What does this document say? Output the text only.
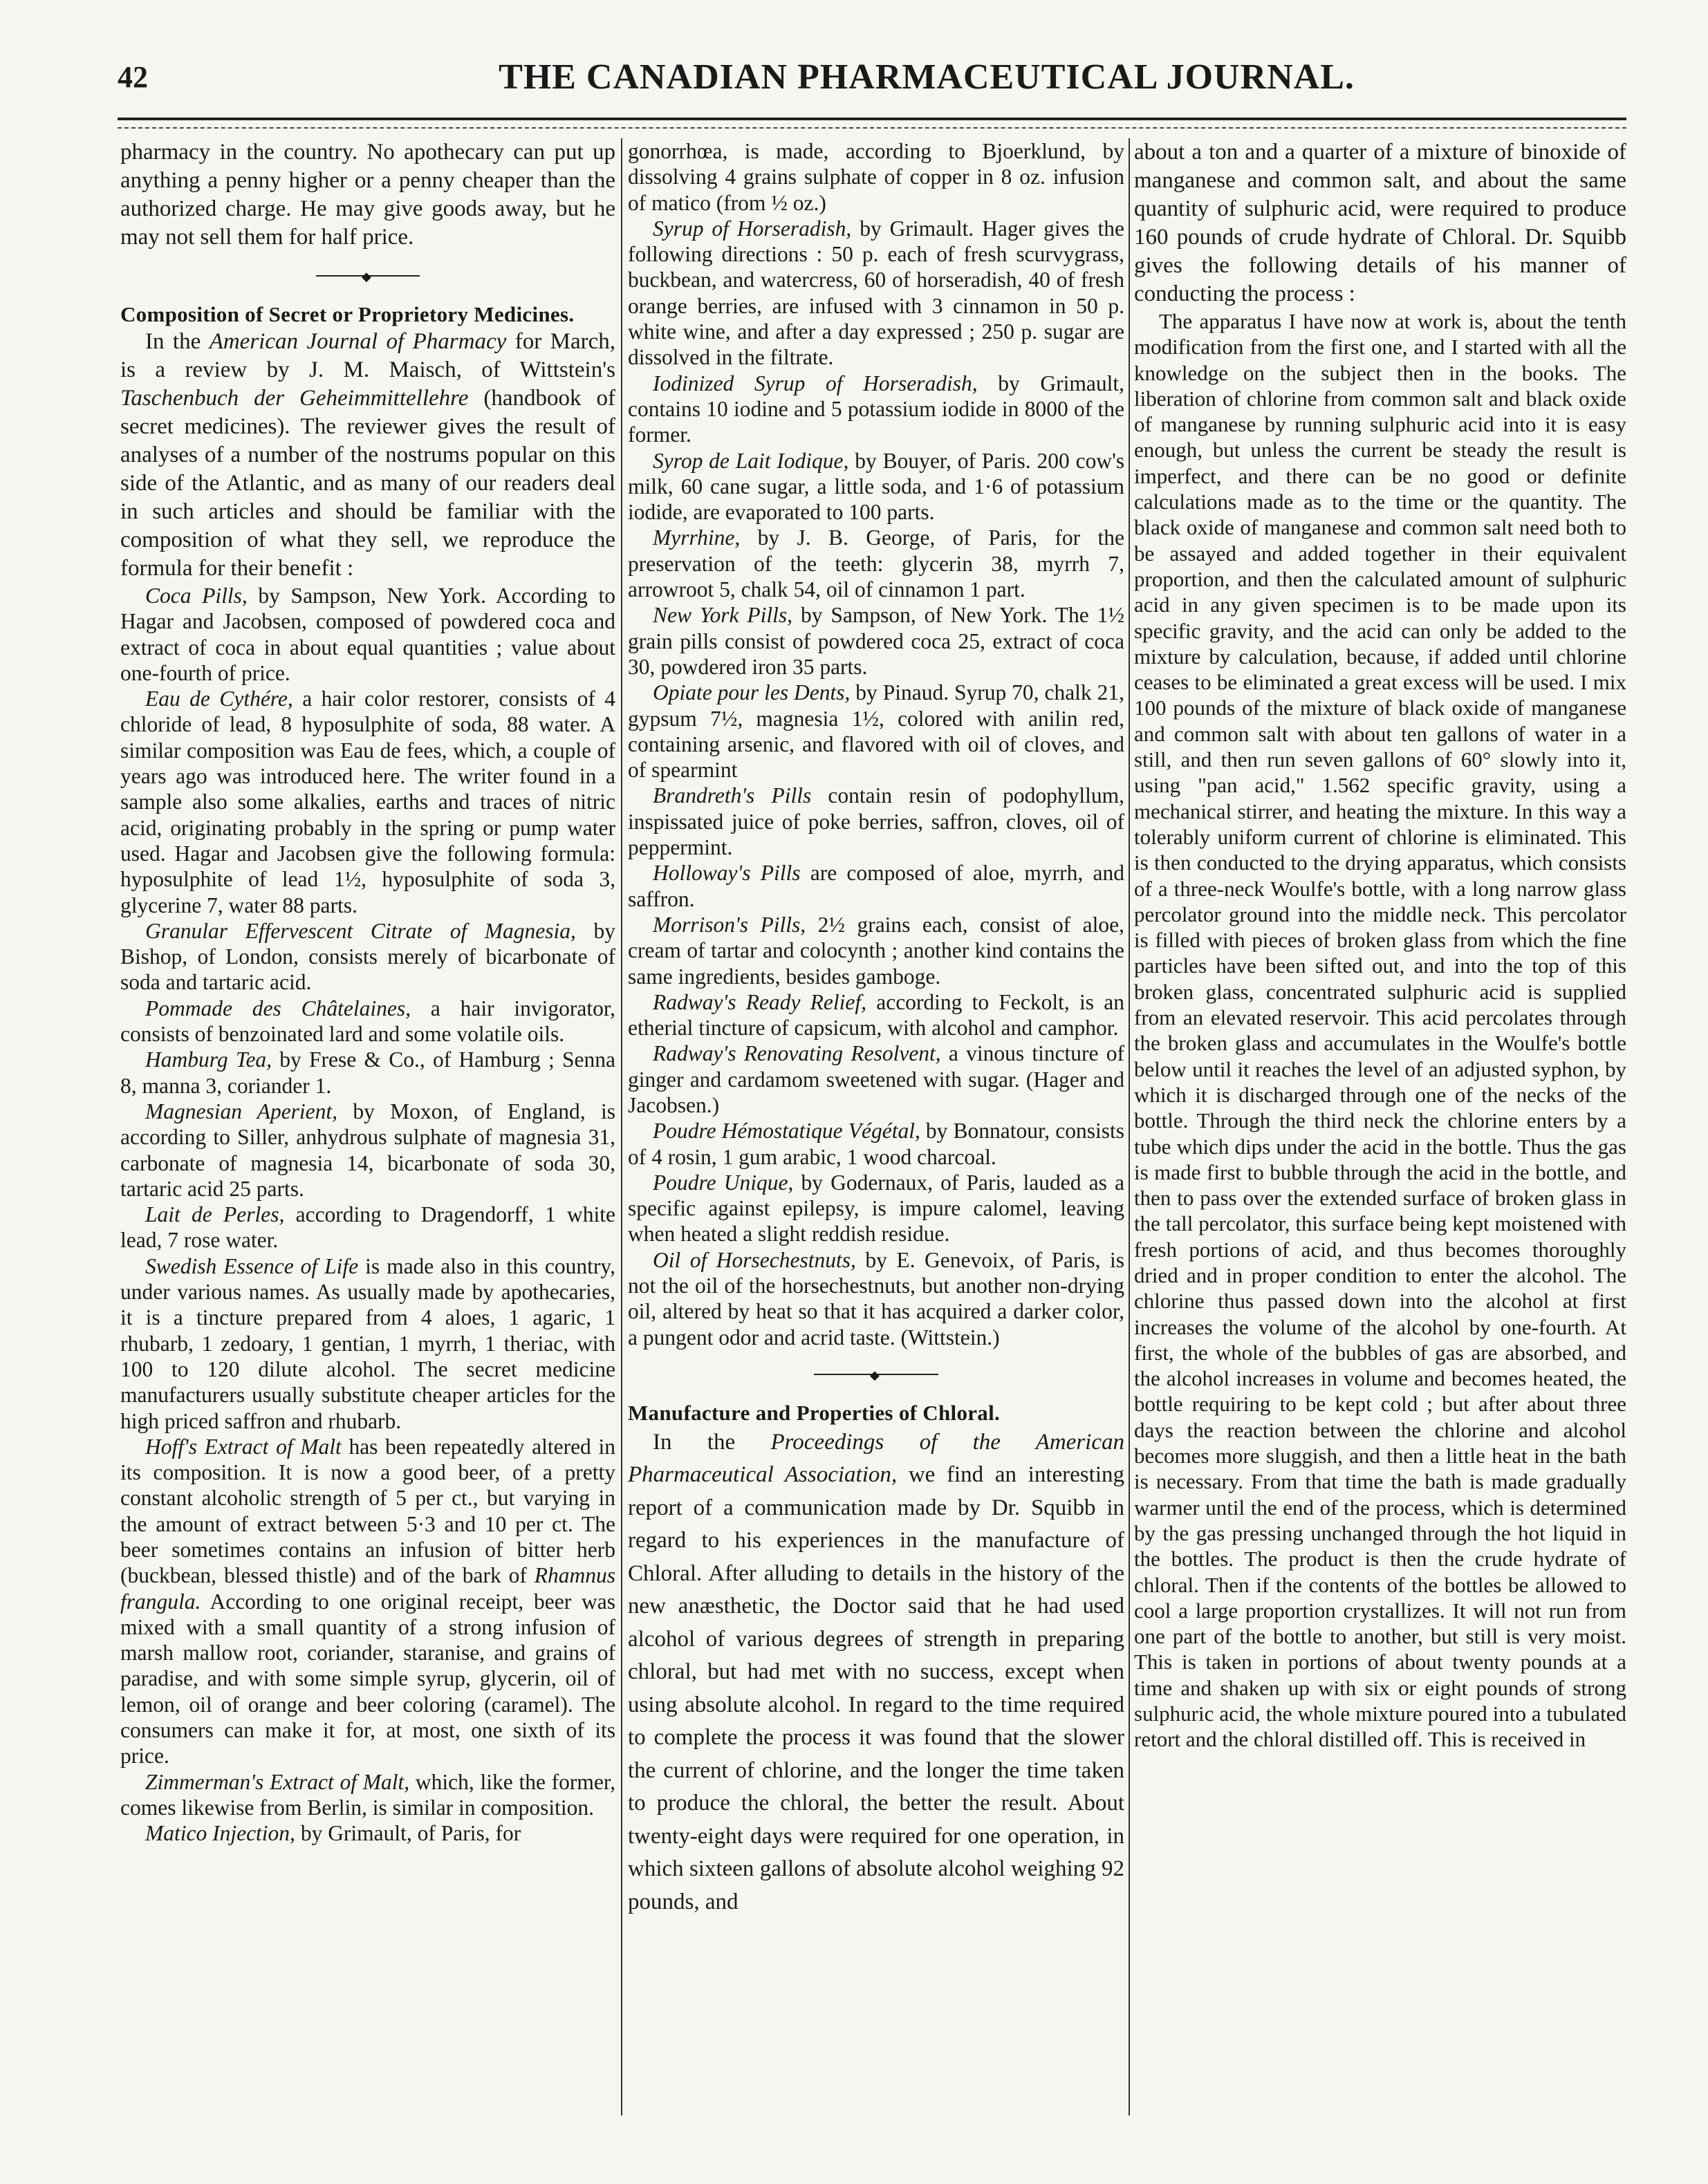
42	THE CANADIAN PHARMACEUTICAL JOURNAL.

pharmacy in the country. No apothecary can put up anything a penny higher or a penny cheaper than the authorized charge. He may give goods away, but he may not sell them for half price.

◆

Composition of Secret or Proprietory Medicines.

In the American Journal of Pharmacy for March, is a review by J. M. Maisch, of Wittstein's Taschenbuch der Geheimmittellehre (handbook of secret medicines). The reviewer gives the result of analyses of a number of the nostrums popular on this side of the Atlantic, and as many of our readers deal in such articles and should be familiar with the composition of what they sell, we reproduce the formula for their benefit :

Coca Pills, by Sampson, New York. According to Hagar and Jacobsen, composed of powdered coca and extract of coca in about equal quantities ; value about one-fourth of price.

Eau de Cythére, a hair color restorer, consists of 4 chloride of lead, 8 hyposulphite of soda, 88 water. A similar composition was Eau de fees, which, a couple of years ago was introduced here. The writer found in a sample also some alkalies, earths and traces of nitric acid, originating probably in the spring or pump water used. Hagar and Jacobsen give the following formula: hyposulphite of lead 1½, hyposulphite of soda 3, glycerine 7, water 88 parts.

Granular Effervescent Citrate of Magnesia, by Bishop, of London, consists merely of bicarbonate of soda and tartaric acid.

Pommade des Châtelaines, a hair invigorator, consists of benzoinated lard and some volatile oils.

Hamburg Tea, by Frese & Co., of Hamburg ; Senna 8, manna 3, coriander 1.

Magnesian Aperient, by Moxon, of England, is according to Siller, anhydrous sulphate of magnesia 31, carbonate of magnesia 14, bicarbonate of soda 30, tartaric acid 25 parts.

Lait de Perles, according to Dragendorff, 1 white lead, 7 rose water.

Swedish Essence of Life is made also in this country, under various names. As usually made by apothecaries, it is a tincture prepared from 4 aloes, 1 agaric, 1 rhubarb, 1 zedoary, 1 gentian, 1 myrrh, 1 theriac, with 100 to 120 dilute alcohol. The secret medicine manufacturers usually substitute cheaper articles for the high priced saffron and rhubarb.

Hoff's Extract of Malt has been repeatedly altered in its composition. It is now a good beer, of a pretty constant alcoholic strength of 5 per ct., but varying in the amount of extract between 5·3 and 10 per ct. The beer sometimes contains an infusion of bitter herb (buckbean, blessed thistle) and of the bark of Rhamnus frangula. According to one original receipt, beer was mixed with a small quantity of a strong infusion of marsh mallow root, coriander, staranise, and grains of paradise, and with some simple syrup, glycerin, oil of lemon, oil of orange and beer coloring (caramel). The consumers can make it for, at most, one sixth of its price.

Zimmerman's Extract of Malt, which, like the former, comes likewise from Berlin, is similar in composition.

Matico Injection, by Grimault, of Paris, for

gonorrhœa, is made, according to Bjoerklund, by dissolving 4 grains sulphate of copper in 8 oz. infusion of matico (from ½ oz.)

Syrup of Horseradish, by Grimault. Hager gives the following directions : 50 p. each of fresh scurvygrass, buckbean, and watercress, 60 of horseradish, 40 of fresh orange berries, are infused with 3 cinnamon in 50 p. white wine, and after a day expressed ; 250 p. sugar are dissolved in the filtrate.

Iodinized Syrup of Horseradish, by Grimault, contains 10 iodine and 5 potassium iodide in 8000 of the former.

Syrop de Lait Iodique, by Bouyer, of Paris. 200 cow's milk, 60 cane sugar, a little soda, and 1·6 of potassium iodide, are evaporated to 100 parts.

Myrrhine, by J. B. George, of Paris, for the preservation of the teeth: glycerin 38, myrrh 7, arrowroot 5, chalk 54, oil of cinnamon 1 part.

New York Pills, by Sampson, of New York. The 1½ grain pills consist of powdered coca 25, extract of coca 30, powdered iron 35 parts.

Opiate pour les Dents, by Pinaud. Syrup 70, chalk 21, gypsum 7½, magnesia 1½, colored with anilin red, containing arsenic, and flavored with oil of cloves, and of spearmint

Brandreth's Pills contain resin of podophyllum, inspissated juice of poke berries, saffron, cloves, oil of peppermint.

Holloway's Pills are composed of aloe, myrrh, and saffron.

Morrison's Pills, 2½ grains each, consist of aloe, cream of tartar and colocynth ; another kind contains the same ingredients, besides gamboge.

Radway's Ready Relief, according to Feckolt, is an etherial tincture of capsicum, with alcohol and camphor.

Radway's Renovating Resolvent, a vinous tincture of ginger and cardamom sweetened with sugar. (Hager and Jacobsen.)

Poudre Hémostatique Végétal, by Bonnatour, consists of 4 rosin, 1 gum arabic, 1 wood charcoal.

Poudre Unique, by Godernaux, of Paris, lauded as a specific against epilepsy, is impure calomel, leaving when heated a slight reddish residue.

Oil of Horsechestnuts, by E. Genevoix, of Paris, is not the oil of the horsechestnuts, but another non-drying oil, altered by heat so that it has acquired a darker color, a pungent odor and acrid taste. (Wittstein.)

◆

Manufacture and Properties of Chloral.

In the Proceedings of the American Pharmaceutical Association, we find an interesting report of a communication made by Dr. Squibb in regard to his experiences in the manufacture of Chloral. After alluding to details in the history of the new anæsthetic, the Doctor said that he had used alcohol of various degrees of strength in preparing chloral, but had met with no success, except when using absolute alcohol. In regard to the time required to complete the process it was found that the slower the current of chlorine, and the longer the time taken to produce the chloral, the better the result. About twenty-eight days were required for one operation, in which sixteen gallons of absolute alcohol weighing 92 pounds, and

about a ton and a quarter of a mixture of binoxide of manganese and common salt, and about the same quantity of sulphuric acid, were required to produce 160 pounds of crude hydrate of Chloral. Dr. Squibb gives the following details of his manner of conducting the process :

The apparatus I have now at work is, about the tenth modification from the first one, and I started with all the knowledge on the subject then in the books. The liberation of chlorine from common salt and black oxide of manganese by running sulphuric acid into it is easy enough, but unless the current be steady the result is imperfect, and there can be no good or definite calculations made as to the time or the quantity. The black oxide of manganese and common salt need both to be assayed and added together in their equivalent proportion, and then the calculated amount of sulphuric acid in any given specimen is to be made upon its specific gravity, and the acid can only be added to the mixture by calculation, because, if added until chlorine ceases to be eliminated a great excess will be used. I mix 100 pounds of the mixture of black oxide of manganese and common salt with about ten gallons of water in a still, and then run seven gallons of 60° slowly into it, using "pan acid," 1.562 specific gravity, using a mechanical stirrer, and heating the mixture. In this way a tolerably uniform current of chlorine is eliminated. This is then conducted to the drying apparatus, which consists of a three-neck Woulfe's bottle, with a long narrow glass percolator ground into the middle neck. This percolator is filled with pieces of broken glass from which the fine particles have been sifted out, and into the top of this broken glass, concentrated sulphuric acid is supplied from an elevated reservoir. This acid percolates through the broken glass and accumulates in the Woulfe's bottle below until it reaches the level of an adjusted syphon, by which it is discharged through one of the necks of the bottle. Through the third neck the chlorine enters by a tube which dips under the acid in the bottle. Thus the gas is made first to bubble through the acid in the bottle, and then to pass over the extended surface of broken glass in the tall percolator, this surface being kept moistened with fresh portions of acid, and thus becomes thoroughly dried and in proper condition to enter the alcohol. The chlorine thus passed down into the alcohol at first increases the volume of the alcohol by one-fourth. At first, the whole of the bubbles of gas are absorbed, and the alcohol increases in volume and becomes heated, the bottle requiring to be kept cold ; but after about three days the reaction between the chlorine and alcohol becomes more sluggish, and then a little heat in the bath is necessary. From that time the bath is made gradually warmer until the end of the process, which is determined by the gas pressing unchanged through the hot liquid in the bottles. The product is then the crude hydrate of chloral. Then if the contents of the bottles be allowed to cool a large proportion crystallizes. It will not run from one part of the bottle to another, but still is very moist. This is taken in portions of about twenty pounds at a time and shaken up with six or eight pounds of strong sulphuric acid, the whole mixture poured into a tubulated retort and the chloral distilled off. This is received in
